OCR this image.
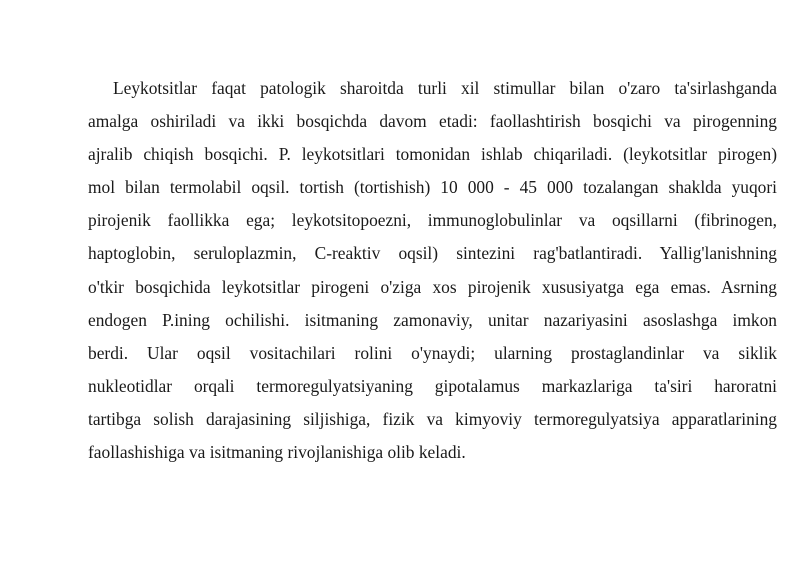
Leykotsitlar faqat patologik sharoitda turli xil stimullar bilan o'zaro ta'sirlashganda
amalga oshiriladi va ikki bosqichda davom etadi: faollashtirish bosqichi va pirogenning
ajralib chiqish bosqichi. P. leykotsitlari tomonidan ishlab chiqariladi. (leykotsitlar pirogen)
mol bilan termolabil oqsil. tortish (tortishish) 10 000 - 45 000 tozalangan shaklda yuqori
pirojenik faollikka ega; leykotsitopoezni, immunoglobulinlar va oqsillarni (fibrinogen,
haptoglobin, seruloplazmin, C-reaktiv oqsil) sintezini rag'batlantiradi. Yallig'lanishning
o'tkir bosqichida leykotsitlar pirogeni o'ziga xos pirojenik xususiyatga ega emas. Asrning
endogen P.ining ochilishi. isitmaning zamonaviy, unitar nazariyasini asoslashga imkon
berdi. Ular oqsil vositachilari rolini o'ynaydi; ularning prostaglandinlar va siklik
nukleotidlar orqali termoregulyatsiyaning gipotalamus markazlariga ta'siri haroratni
tartibga solish darajasining siljishiga, fizik va kimyoviy termoregulyatsiya apparatlarining
faollashishiga va isitmaning rivojlanishiga olib keladi.
